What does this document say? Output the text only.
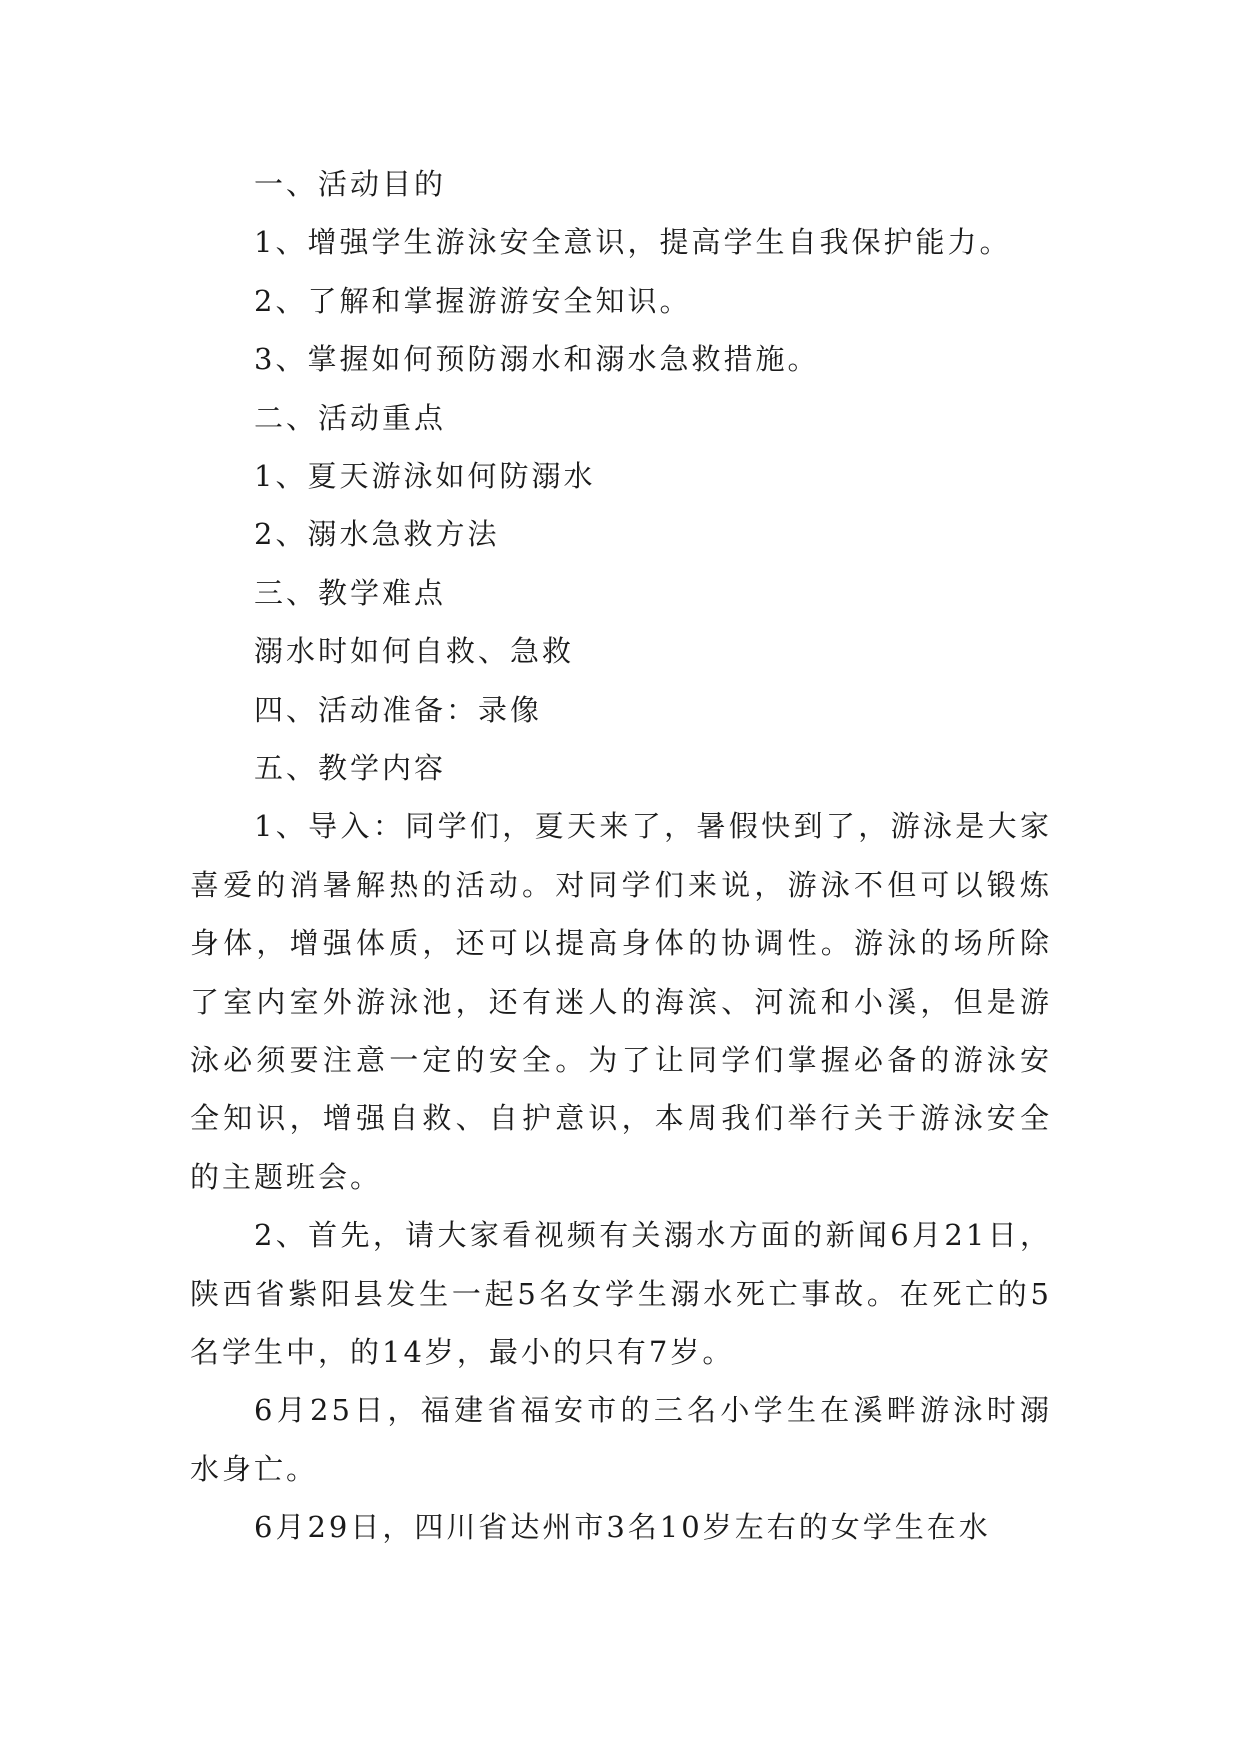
一、活动目的
1、增强学生游泳安全意识，提高学生自我保护能力。
2、了解和掌握游游安全知识。
3、掌握如何预防溺水和溺水急救措施。
二、活动重点
1、夏天游泳如何防溺水
2、溺水急救方法
三、教学难点
溺水时如何自救、急救
四、活动准备：录像
五、教学内容
1、导入：同学们，夏天来了，暑假快到了，游泳是大家喜爱的消暑解热的活动。对同学们来说，游泳不但可以锻炼身体，增强体质，还可以提高身体的协调性。游泳的场所除了室内室外游泳池，还有迷人的海滨、河流和小溪，但是游泳必须要注意一定的安全。为了让同学们掌握必备的游泳安全知识，增强自救、自护意识，本周我们举行关于游泳安全的主题班会。
2、首先，请大家看视频有关溺水方面的新闻6月21日，陕西省紫阳县发生一起5名女学生溺水死亡事故。在死亡的5名学生中，的14岁，最小的只有7岁。
6月25日，福建省福安市的三名小学生在溪畔游泳时溺水身亡。
6月29日，四川省达州市3名10岁左右的女学生在水
